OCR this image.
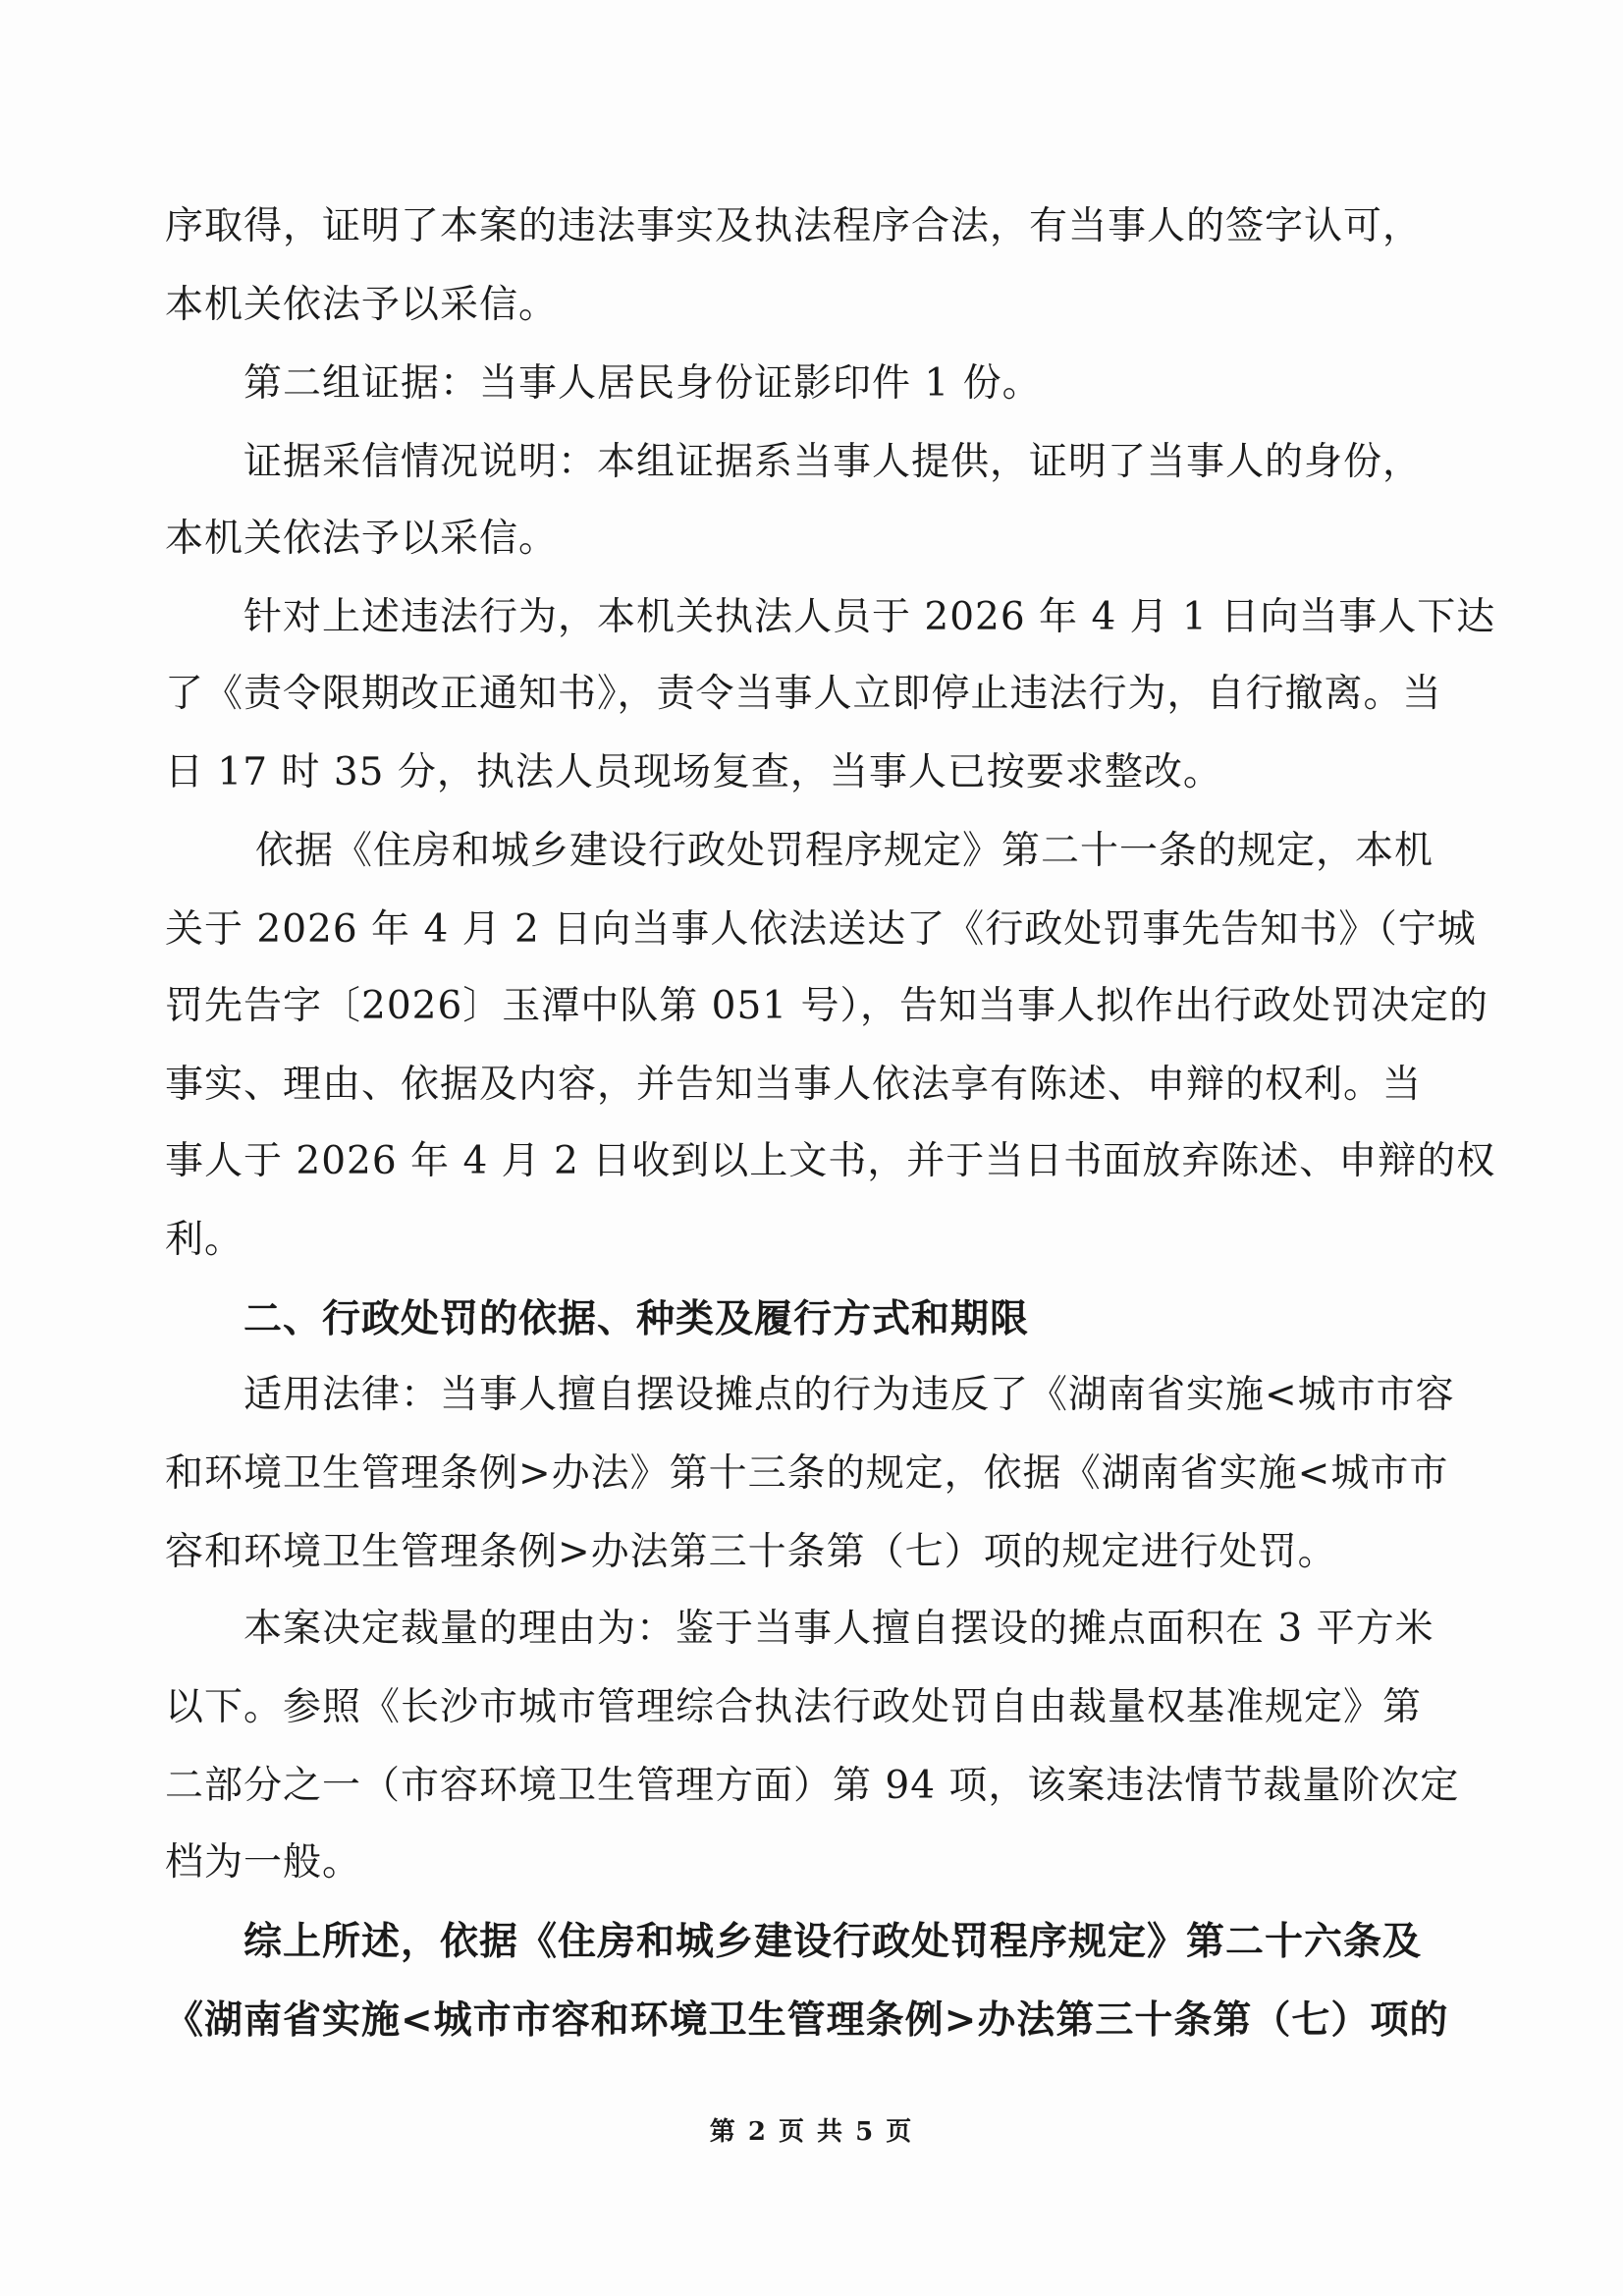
序取得，证明了本案的违法事实及执法程序合法，有当事人的签字认可，
本机关依法予以采信。
第二组证据：当事人居民身份证影印件 1 份。
证据采信情况说明：本组证据系当事人提供，证明了当事人的身份，
本机关依法予以采信。
针对上述违法行为，本机关执法人员于 2026 年 4 月 1 日向当事人下达
了《责令限期改正通知书》，责令当事人立即停止违法行为，自行撤离。当
日 17 时 35 分，执法人员现场复查，当事人已按要求整改。
依据《住房和城乡建设行政处罚程序规定》第二十一条的规定，本机
关于 2026 年 4 月 2 日向当事人依法送达了《行政处罚事先告知书》（宁城
罚先告字〔2026〕玉潭中队第 051 号），告知当事人拟作出行政处罚决定的
事实、理由、依据及内容，并告知当事人依法享有陈述、申辩的权利。当
事人于 2026 年 4 月 2 日收到以上文书，并于当日书面放弃陈述、申辩的权
利。
二、行政处罚的依据、种类及履行方式和期限
适用法律：当事人擅自摆设摊点的行为违反了《湖南省实施<城市市容
和环境卫生管理条例>办法》第十三条的规定，依据《湖南省实施<城市市
容和环境卫生管理条例>办法第三十条第（七）项的规定进行处罚。
本案决定裁量的理由为：鉴于当事人擅自摆设的摊点面积在 3 平方米
以下。参照《长沙市城市管理综合执法行政处罚自由裁量权基准规定》第
二部分之一（市容环境卫生管理方面）第 94 项，该案违法情节裁量阶次定
档为一般。
综上所述，依据《住房和城乡建设行政处罚程序规定》第二十六条及
《湖南省实施<城市市容和环境卫生管理条例>办法第三十条第（七）项的
第 2 页 共 5 页
